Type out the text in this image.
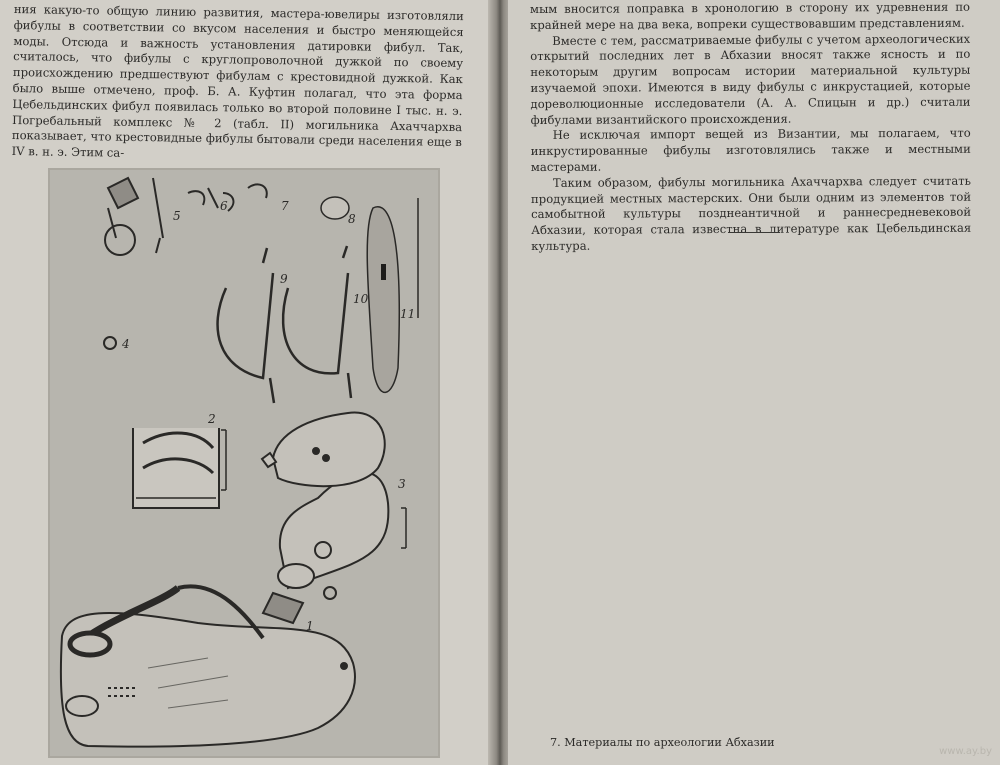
ния какую-то общую линию развития, мастера-ювелиры изготовляли фибулы в соответствии со вкусом населения и быстро меняющейся моды. Отсюда и важность установления датировки фибул. Так, считалось, что фибулы с круглопроволочной дужкой по своему происхождению предшествуют фибулам с крестовидной дужкой. Как было выше отмечено, проф. Б. А. Куфтин полагал, что эта форма Цебельдинских фибул появилась только во второй половине I тыс. н. э. Погребальный комплекс № 2 (табл. II) могильника Ахаччархва показывает, что крестовидные фибулы бытовали среди населения еще в IV в. н. э. Этим са-

1
2
3
4
5
6	7
8
9
10
11

мым вносится поправка в хронологию в сторону их удревнения по крайней мере на два века, вопреки существовавшим представлениям.

Вместе с тем, рассматриваемые фибулы с учетом археологических открытий последних лет в Абхазии вносят также ясность и по некоторым другим вопросам истории материальной культуры изучаемой эпохи. Имеются в виду фибулы с инкрустацией, которые дореволюционные исследователи (А. А. Спицын и др.) считали фибулами византийского происхождения.

Не исключая импорт вещей из Византии, мы полагаем, что инкрустированные фибулы изготовлялись также и местными мастерами.

Таким образом, фибулы могильника Ахаччархва следует считать продукцией местных мастерских. Они были одним из элементов той самобытной культуры позднеантичной и раннесредневековой Абхазии, которая стала известна в литературе как Цебельдинская культура.

7. Материалы по археологии Абхазии
www.ay.by
